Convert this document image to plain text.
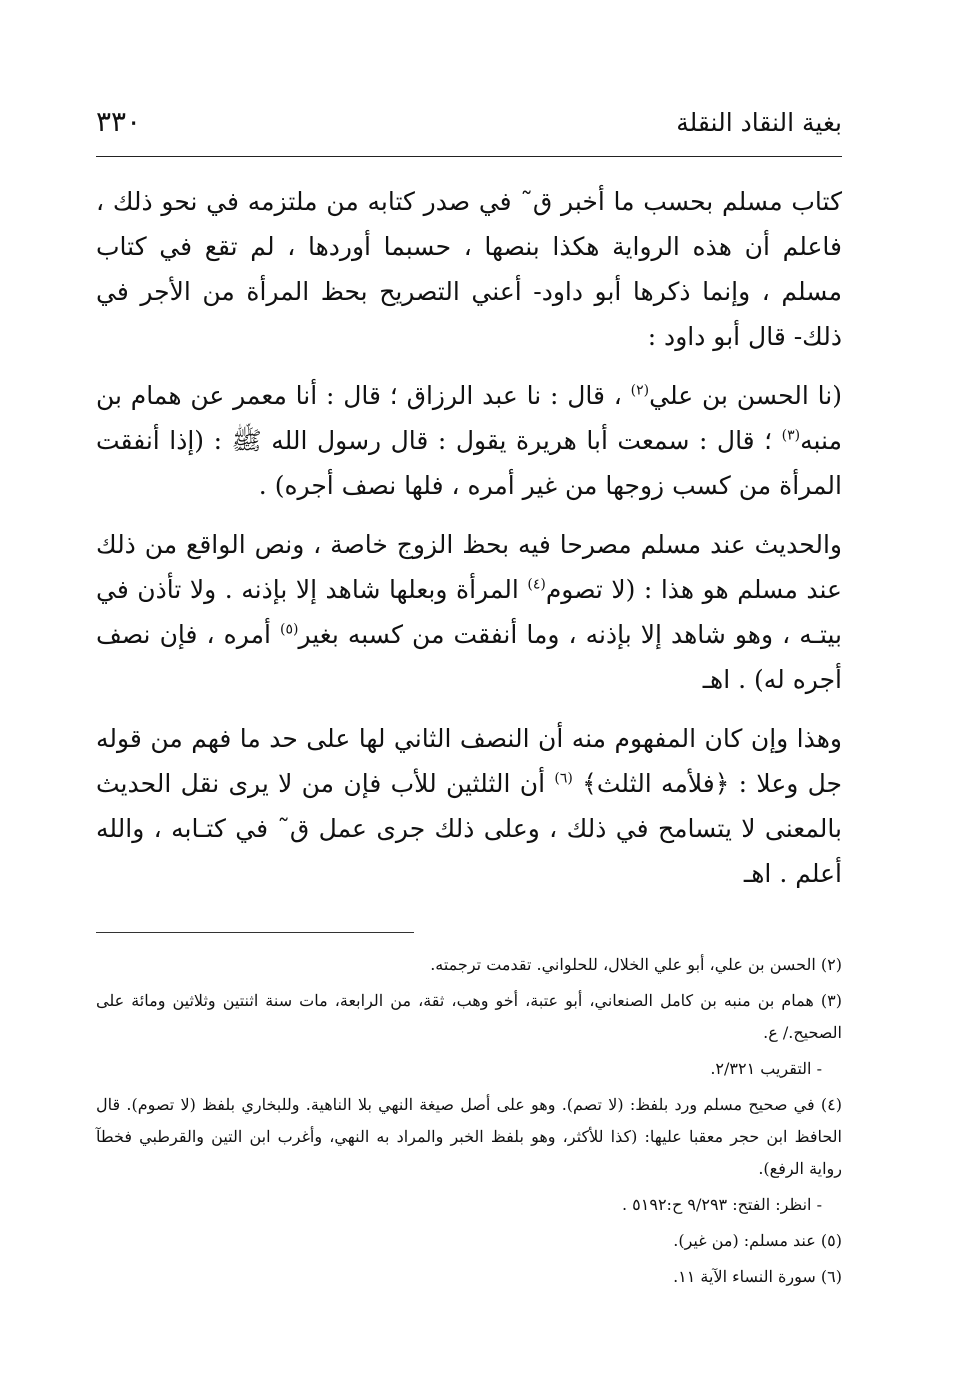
بغية النقاد النقلة
٣٣٠

كتاب مسلم بحسب ما أخبر ق˜ في صدر كتابه من ملتزمه في نحو ذلك ، فاعلم أن هذه الرواية هكذا بنصها ، حسبما أوردها ، لم تقع في كتاب مسلم ، وإنما ذكرها أبو داود- أعني التصريح بحظ المرأة من الأجر في ذلك- قال أبو داود :

(نا الحسن بن علي$^{(٢)}$ ، قال : نا عبد الرزاق ؛ قال : أنا معمر عن همام بن منبه$^{(٣)}$ ؛ قال : سمعت أبا هريرة يقول : قال رسول الله ﷺ : (إذا أنفقت المرأة من كسب زوجها من غير أمره ، فلها نصف أجره) .

والحديث عند مسلم مصرحا فيه بحظ الزوج خاصة ، ونص الواقع من ذلك عند مسلم هو هذا : (لا تصوم$^{(٤)}$ المرأة وبعلها شاهد إلا بإذنه . ولا تأذن في بيتـه ، وهو شاهد إلا بإذنه ، وما أنفقت من كسبه بغير$^{(٥)}$ أمره ، فإن نصف أجره له) . اهـ

وهذا وإن كان المفهوم منه أن النصف الثاني لها على حد ما فهم من قوله جل وعلا : ﴿فلأمه الثلث﴾ $^{(٦)}$ أن الثلثين للأب فإن من لا يرى نقل الحديث بالمعنى لا يتسامح في ذلك ، وعلى ذلك جرى عمل ق˜ في كتـابه ، والله أعلم . اهـ

(٢) الحسن بن علي، أبو علي الخلال، للحلواني. تقدمت ترجمته.

(٣) همام بن منبه بن كامل الصنعاني، أبو عتبة، أخو وهب، ثقة، من الرابعة، مات سنة اثنتين وثلاثين ومائة على الصحيح./ ع.

- التقريب ٢/٣٢١.

(٤) في صحيح مسلم ورد بلفظ: (لا تصم). وهو على أصل صيغة النهي بلا الناهية. وللبخاري بلفظ (لا تصوم). قال الحافظ ابن حجر معقبا عليها: (كذا للأكثر، وهو بلفظ الخبر والمراد به النهي، وأغرب ابن التين والقرطبي فخطآ رواية الرفع).

- انظر: الفتح: ٩/٢٩٣ ح:٥١٩٢ .

(٥) عند مسلم: (من غير).

(٦) سورة النساء الآية ١١.
